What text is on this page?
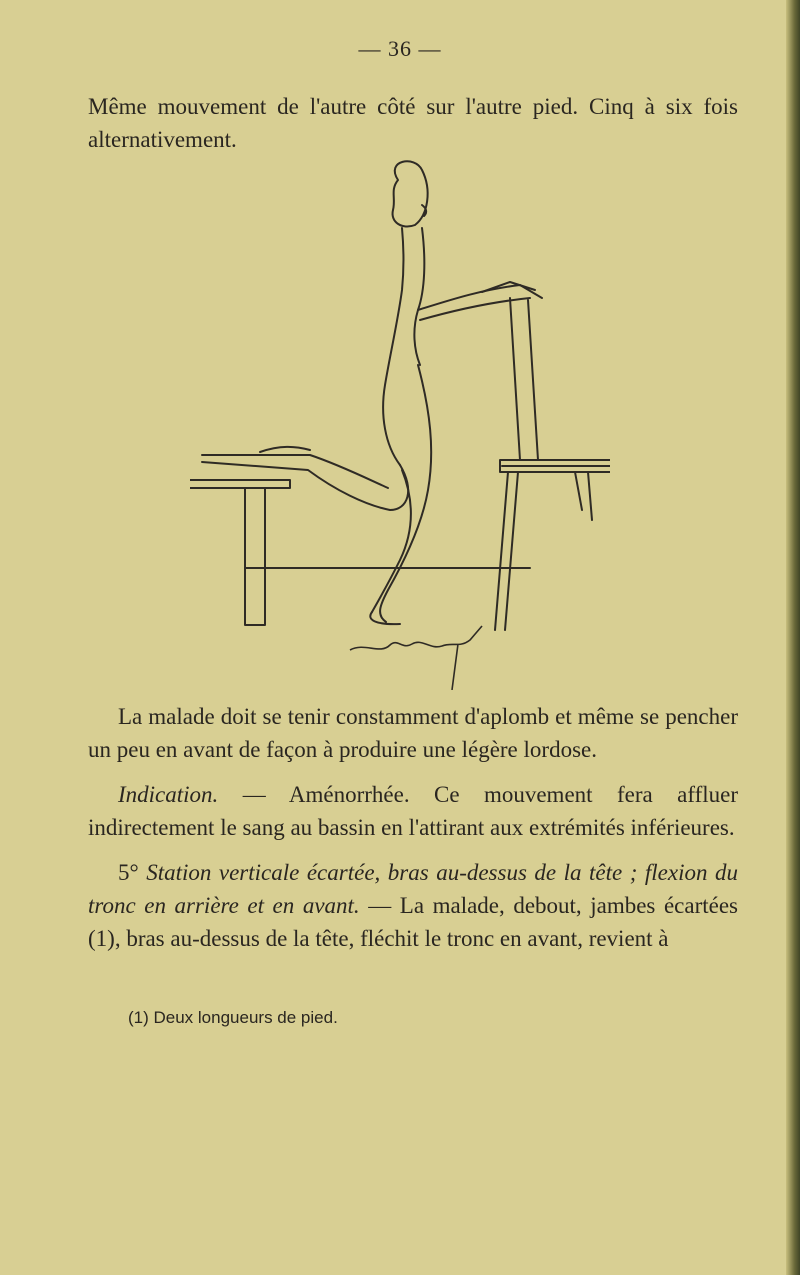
— 36 —

Même mouvement de l'autre côté sur l'autre pied. Cinq à six fois alternativement.

La malade doit se tenir constamment d'aplomb et même se pencher un peu en avant de façon à produire une légère lordose.

Indication. — Aménorrhée. Ce mouvement fera affluer indirectement le sang au bassin en l'attirant aux extrémités inférieures.

5° Station verticale écartée, bras au-dessus de la tête ; flexion du tronc en arrière et en avant. — La malade, debout, jambes écartées (1), bras au-dessus de la tête, fléchit le tronc en avant, revient à

(1) Deux longueurs de pied.
